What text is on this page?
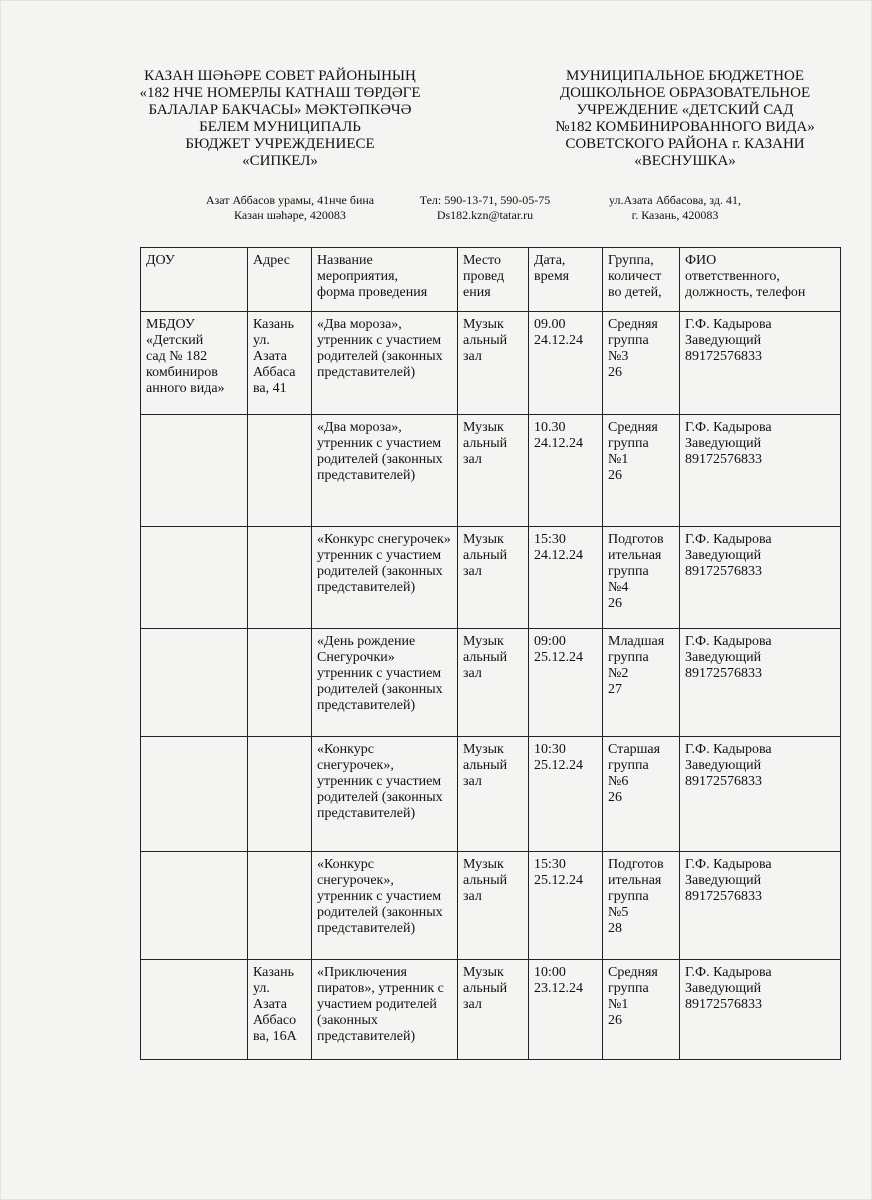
КАЗАН ШӘҺӘРЕ СОВЕТ РАЙОНЫНЫҢ
«182 НЧЕ НОМЕРЛЫ КАТНАШ ТӨРДӘГЕ
БАЛАЛАР БАКЧАСЫ» МӘКТӘПКӘЧӘ
БЕЛЕМ МУНИЦИПАЛЬ
БЮДЖЕТ УЧРЕЖДЕНИЕСЕ
«СИПКЕЛ»
МУНИЦИПАЛЬНОЕ БЮДЖЕТНОЕ
ДОШКОЛЬНОЕ ОБРАЗОВАТЕЛЬНОЕ
УЧРЕЖДЕНИЕ «ДЕТСКИЙ САД
№182 КОМБИНИРОВАННОГО ВИДА»
СОВЕТСКОГО РАЙОНА г. КАЗАНИ
«ВЕСНУШКА»
Азат Аббасов урамы, 41нче бина
Казан шәһәре, 420083
Тел: 590-13-71, 590-05-75
Ds182.kzn@tatar.ru
ул.Азата Аббасова, зд. 41,
г. Казань, 420083
ДОУ	Адрес	Название
мероприятия,
форма проведения	Место
провед
ения	Дата,
время	Группа,
количест
во детей,	ФИО
ответственного,
должность, телефон
МБДОУ
«Детский
сад № 182
комбиниров
анного вида»	Казань
ул.
Азата
Аббаса
ва, 41	«Два мороза», утренник с участием родителей (законных представителей)	Музык
альный
зал	09.00
24.12.24	Средняя
группа
№3
26	Г.Ф. Кадырова
Заведующий
89172576833
		«Два мороза», утренник с участием родителей (законных представителей)	Музык
альный
зал	10.30
24.12.24	Средняя
группа
№1
26	Г.Ф. Кадырова
Заведующий
89172576833
		«Конкурс снегурочек» утренник с участием родителей (законных представителей)	Музык
альный
зал	15:30
24.12.24	Подготов
ительная
группа
№4
26	Г.Ф. Кадырова
Заведующий
89172576833
		«День рождение Снегурочки» утренник с участием родителей (законных представителей)	Музык
альный
зал	09:00
25.12.24	Младшая
группа
№2
27	Г.Ф. Кадырова
Заведующий
89172576833
		«Конкурс снегурочек», утренник с участием родителей (законных представителей)	Музык
альный
зал	10:30
25.12.24	Старшая
группа
№6
26	Г.Ф. Кадырова
Заведующий
89172576833
		«Конкурс снегурочек», утренник с участием родителей (законных представителей)	Музык
альный
зал	15:30
25.12.24	Подготов
ительная
группа
№5
28	Г.Ф. Кадырова
Заведующий
89172576833
	Казань
ул.
Азата
Аббасо
ва, 16А	«Приключения пиратов», утренник с участием родителей (законных представителей)	Музык
альный
зал	10:00
23.12.24	Средняя
группа
№1
26	Г.Ф. Кадырова
Заведующий
89172576833
